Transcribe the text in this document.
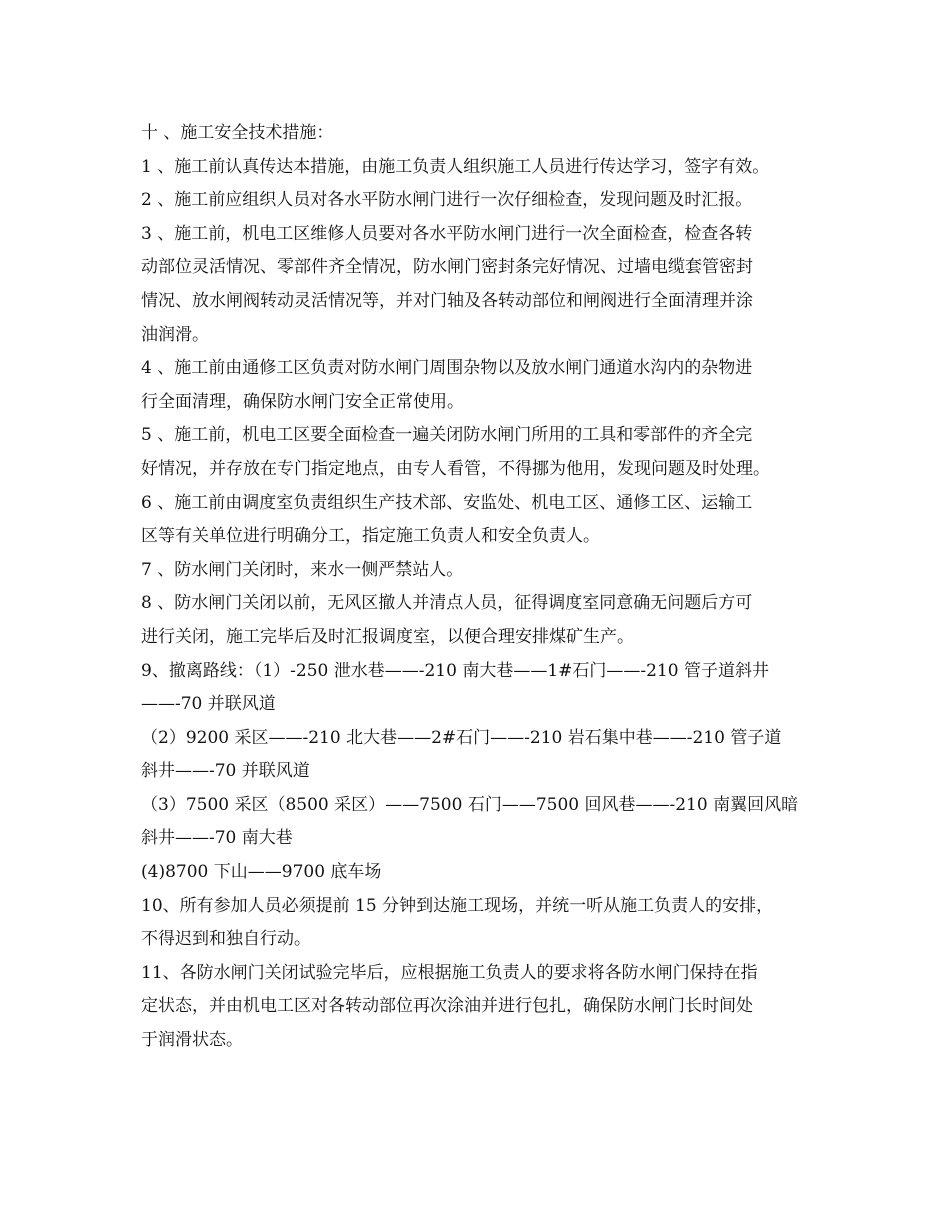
十 、施工安全技术措施：
1 、施工前认真传达本措施，由施工负责人组织施工人员进行传达学习，签字有效。
2 、施工前应组织人员对各水平防水闸门进行一次仔细检查，发现问题及时汇报。
3 、施工前，机电工区维修人员要对各水平防水闸门进行一次全面检查，检查各转
动部位灵活情况、零部件齐全情况，防水闸门密封条完好情况、过墙电缆套管密封
情况、放水闸阀转动灵活情况等，并对门轴及各转动部位和闸阀进行全面清理并涂
油润滑。
4 、施工前由通修工区负责对防水闸门周围杂物以及放水闸门通道水沟内的杂物进
行全面清理，确保防水闸门安全正常使用。
5 、施工前，机电工区要全面检查一遍关闭防水闸门所用的工具和零部件的齐全完
好情况，并存放在专门指定地点，由专人看管，不得挪为他用，发现问题及时处理。
6 、施工前由调度室负责组织生产技术部、安监处、机电工区、通修工区、运输工
区等有关单位进行明确分工，指定施工负责人和安全负责人。
7 、防水闸门关闭时，来水一侧严禁站人。
8 、防水闸门关闭以前，无风区撤人并清点人员，征得调度室同意确无问题后方可
进行关闭，施工完毕后及时汇报调度室，以便合理安排煤矿生产。
9、撤离路线：（1）-250 泄水巷——-210 南大巷——1#石门——-210 管子道斜井
——-70 并联风道
（2）9200 采区——-210 北大巷——2#石门——-210 岩石集中巷——-210 管子道
斜井——-70 并联风道
（3）7500 采区（8500 采区）——7500 石门——7500 回风巷——-210 南翼回风暗
斜井——-70 南大巷
(4)8700 下山——9700 底车场
10、所有参加人员必须提前 15 分钟到达施工现场，并统一听从施工负责人的安排，
不得迟到和独自行动。
11、各防水闸门关闭试验完毕后，应根据施工负责人的要求将各防水闸门保持在指
定状态，并由机电工区对各转动部位再次涂油并进行包扎，确保防水闸门长时间处
于润滑状态。
